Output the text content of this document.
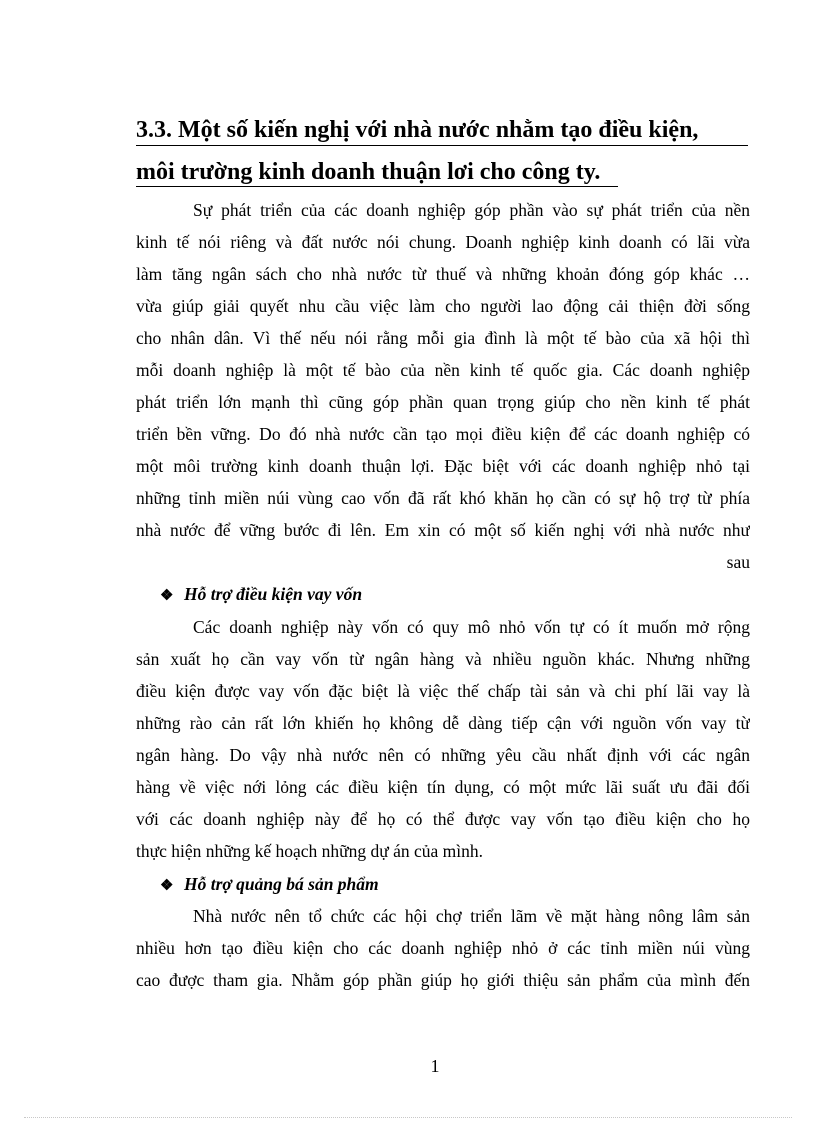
3.3. Một số kiến nghị với nhà nước nhằm tạo điều kiện,
môi trường kinh doanh thuận lơi cho công ty.
Sự phát triển của các doanh nghiệp góp phần vào sự phát triển của nền
kinh tế nói riêng và đất nước nói chung. Doanh nghiệp kinh doanh có lãi vừa
làm tăng ngân sách cho nhà nước từ thuế và những khoản đóng góp khác …
vừa giúp giải quyết nhu cầu việc làm cho người lao động cải thiện đời sống
cho nhân dân. Vì thế nếu nói rằng mỗi gia đình là một tế bào của xã hội thì
mỗi doanh nghiệp là một tế bào của nền kinh tế quốc gia. Các doanh nghiệp
phát triển lớn mạnh thì cũng góp phần quan trọng giúp cho nền kinh tế phát
triển bền vững. Do đó nhà nước cần tạo mọi điều kiện để các doanh nghiệp có
một môi trường kinh doanh thuận lợi. Đặc biệt với các doanh nghiệp nhỏ tại
những tỉnh miền núi vùng cao vốn đã rất khó khăn họ cần có sự hộ trợ từ phía
nhà nước để vững bước đi lên. Em xin có một số kiến nghị với nhà nước như
sau
❖ Hỗ trợ điều kiện vay vốn
Các doanh nghiệp này vốn có quy mô nhỏ vốn tự có ít muốn mở rộng
sản xuất họ cần vay vốn từ ngân hàng và nhiều nguồn khác. Nhưng những
điều kiện được vay vốn đặc biệt là việc thế chấp tài sản và chi phí lãi vay là
những rào cản rất lớn khiến họ không dễ dàng tiếp cận với nguồn vốn vay từ
ngân hàng. Do vậy nhà nước nên có những yêu cầu nhất định với các ngân
hàng về việc nới lỏng các điều kiện tín dụng, có một mức lãi suất ưu đãi đối
với các doanh nghiệp này để họ có thể được vay vốn tạo điều kiện cho họ
thực hiện những kế hoạch những dự án của mình.
❖ Hỗ trợ quảng bá sản phẩm
Nhà nước nên tổ chức các hội chợ triển lãm về mặt hàng nông lâm sản
nhiều hơn tạo điều kiện cho các doanh nghiệp nhỏ ở các tỉnh miền núi vùng
cao được tham gia. Nhằm góp phần giúp họ giới thiệu sản phẩm của mình đến
1
